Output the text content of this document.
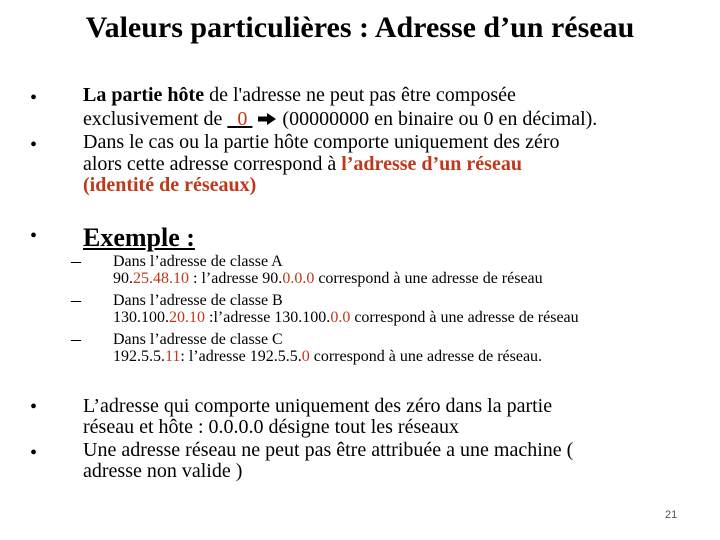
Valeurs particulières : Adresse d’un réseau
•
•
•
•
•
La partie hôte de l'adresse ne peut pas être composée
exclusivement de   0 (00000000 en binaire ou 0 en décimal).
Dans le cas ou la partie hôte comporte uniquement des zéro
alors cette adresse correspond à l’adresse d’un réseau
(identité de réseaux)
Exemple :
– Dans l’adresse de classe A
90.25.48.10 : l’adresse 90.0.0.0 correspond à une adresse de réseau
– Dans l’adresse de classe B
130.100.20.10 :l’adresse 130.100.0.0 correspond à une adresse de réseau
– Dans l’adresse de classe C
192.5.5.11: l’adresse 192.5.5.0 correspond à une adresse de réseau.
L’adresse qui comporte uniquement des zéro dans la partie
réseau et hôte : 0.0.0.0 désigne tout les réseaux
Une adresse réseau ne peut pas être attribuée a une machine (
adresse non valide )
21
